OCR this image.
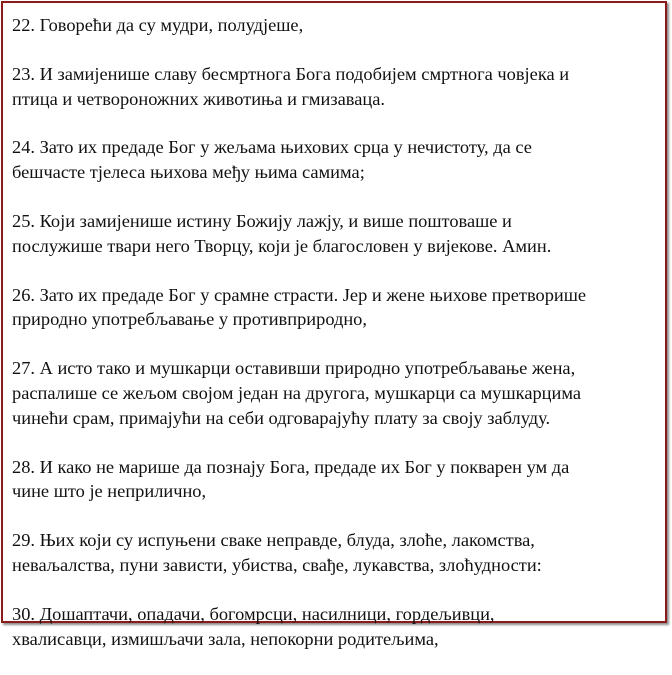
22. Говорећи да су мудри, полудјеше,

23. И замијенише славу бесмртнога Бога подобијем смртнога човјека и
птица и четвороножних животиња и гмизаваца.

24. Зато их предаде Бог у жељама њихових срца у нечистоту, да се
бешчасте тјелеса њихова међу њима самима;

25. Који замијенише истину Божију лажју, и више поштоваше и
послужише твари него Творцу, који је благословен у вијекове. Амин.

26. Зато их предаде Бог у срамне страсти. Јер и жене њихове претворише
природно употребљавање у противприродно,

27. А исто тако и мушкарци оставивши природно употребљавање жена,
распалише се жељом својом један на другога, мушкарци са мушкарцима
чинећи срам, примајући на себи одговарајућу плату за своју заблуду.

28. И како не марише да познају Бога, предаде их Бог у покварен ум да
чине што је неприлично,

29. Њих који су испуњени сваке неправде, блуда, злоће, лакомства,
неваљалства, пуни зависти, убиства, свађе, лукавства, злоћудности:

30. Дошаптачи, опадачи, богомрсци, насилници, гордељивци,
хвалисавци, измишљачи зала, непокорни родитељима,
